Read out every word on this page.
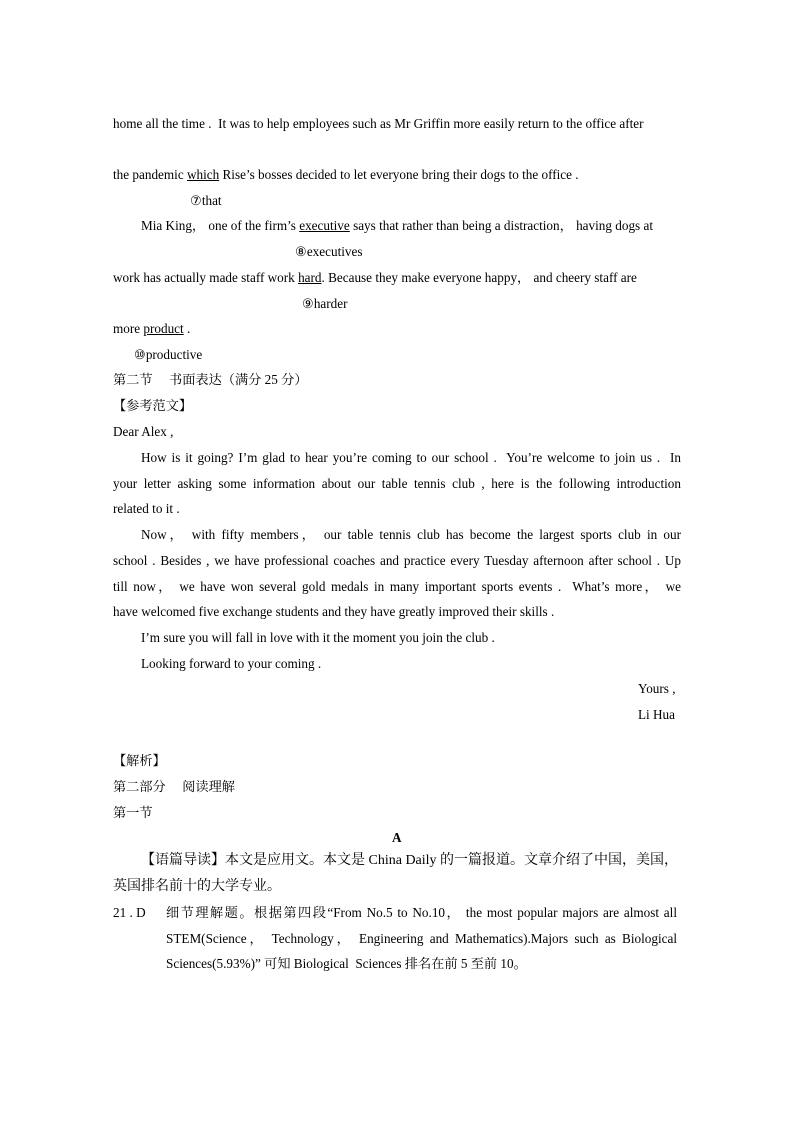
home all the time .  It was to help employees such as Mr Griffin more easily return to the office after
the pandemic which Rise’s bosses decided to let everyone bring their dogs to the office .
⑦that
Mia King， one of the firm’s executive says that rather than being a distraction， having dogs at
⑧executives
work has actually made staff work hard. Because they make everyone happy， and cheery staff are
⑨harder
more product .
⑩productive
第二节　 书面表达（满分 25 分）
【参考范文】
Dear Alex ,
How is it going? I’m glad to hear you’re coming to our school .  You’re welcome to join us .  In
your letter asking some information about our table tennis club , here is the following introduction
related to it .
Now， with fifty members， our table tennis club has become the largest sports club in our
school . Besides , we have professional coaches and practice every Tuesday afternoon after school . Up
till now， we have won several gold medals in many important sports events .  What’s more， we
have welcomed five exchange students and they have greatly improved their skills .
I’m sure you will fall in love with it the moment you join the club .
Looking forward to your coming .
Yours ,
Li Hua
【解析】
第二部分　 阅读理解
第一节
A
【语篇导读】本文是应用文。本文是 China Daily 的一篇报道。文章介绍了中国，美国，
英国排名前十的大学专业。
21 . D 细节理解题。根据第四段“From No.5 to No.10， the most popular majors are almost all
STEM(Science， Technology， Engineering and Mathematics).Majors such as Biological
Sciences(5.93%)” 可知 Biological  Sciences 排名在前 5 至前 10。
